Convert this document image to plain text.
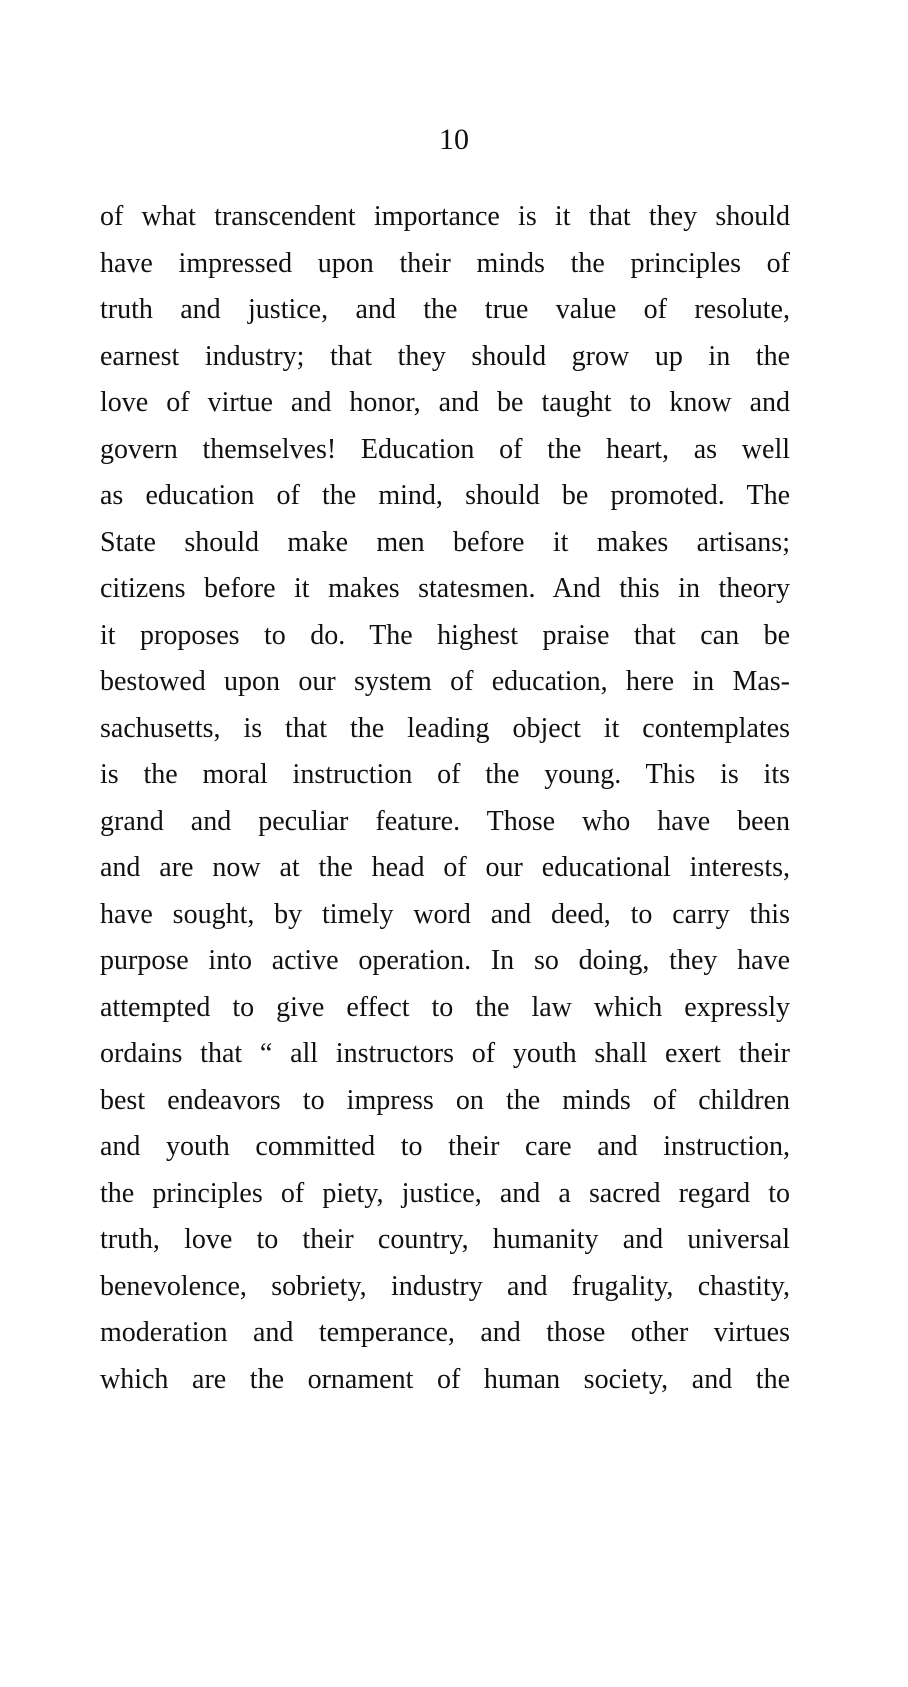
10
of what transcendent importance is it that they should
have impressed upon their minds the principles of
truth and justice, and the true value of resolute,
earnest industry; that they should grow up in the
love of virtue and honor, and be taught to know and
govern themselves! Education of the heart, as well
as education of the mind, should be promoted. The
State should make men before it makes artisans;
citizens before it makes statesmen. And this in theory
it proposes to do. The highest praise that can be
bestowed upon our system of education, here in Mas-
sachusetts, is that the leading object it contemplates
is the moral instruction of the young. This is its
grand and peculiar feature. Those who have been
and are now at the head of our educational interests,
have sought, by timely word and deed, to carry this
purpose into active operation. In so doing, they have
attempted to give effect to the law which expressly
ordains that “ all instructors of youth shall exert their
best endeavors to impress on the minds of children
and youth committed to their care and instruction,
the principles of piety, justice, and a sacred regard to
truth, love to their country, humanity and universal
benevolence, sobriety, industry and frugality, chastity,
moderation and temperance, and those other virtues
which are the ornament of human society, and the
